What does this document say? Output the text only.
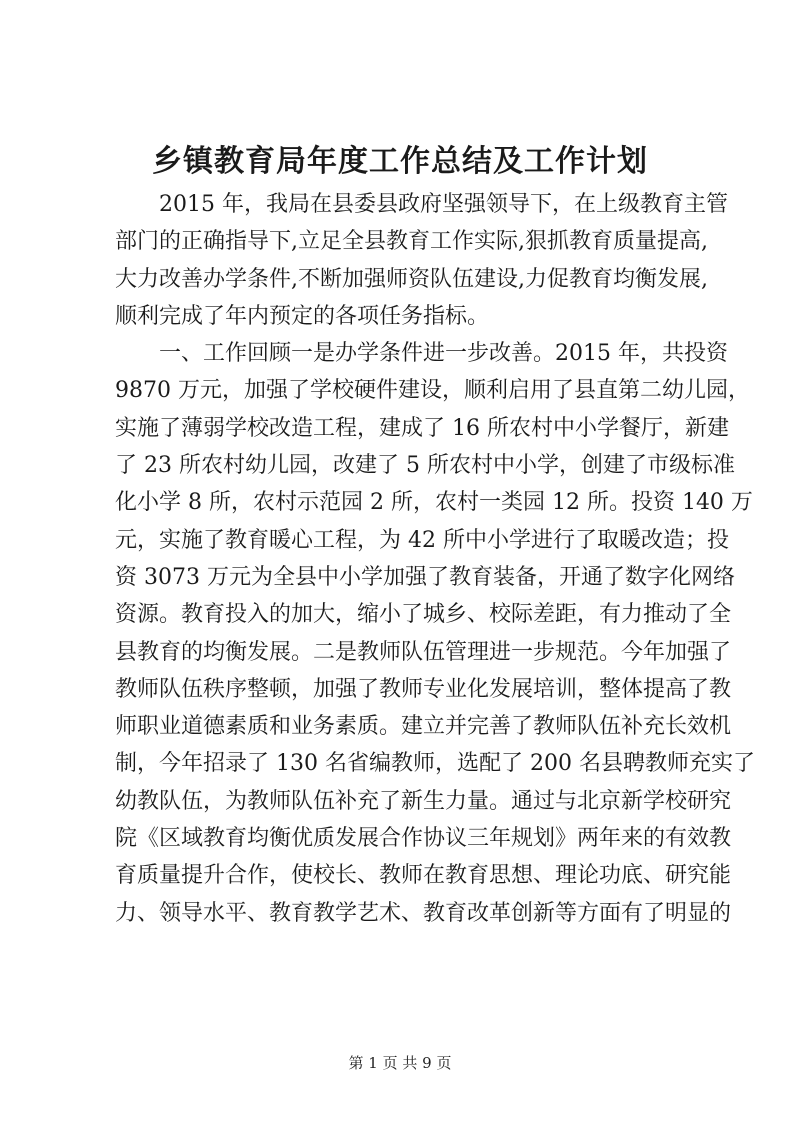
乡镇教育局年度工作总结及工作计划
　　2015 年，我局在县委县政府坚强领导下，在上级教育主管
部门的正确指导下,立足全县教育工作实际,狠抓教育质量提高,
大力改善办学条件,不断加强师资队伍建设,力促教育均衡发展,
顺利完成了年内预定的各项任务指标。
　　一、工作回顾一是办学条件进一步改善。2015 年，共投资
9870 万元，加强了学校硬件建设，顺利启用了县直第二幼儿园，
实施了薄弱学校改造工程，建成了 16 所农村中小学餐厅，新建
了 23 所农村幼儿园，改建了 5 所农村中小学，创建了市级标准
化小学 8 所，农村示范园 2 所，农村一类园 12 所。投资 140 万
元，实施了教育暖心工程，为 42 所中小学进行了取暖改造；投
资 3073 万元为全县中小学加强了教育装备，开通了数字化网络
资源。教育投入的加大，缩小了城乡、校际差距，有力推动了全
县教育的均衡发展。二是教师队伍管理进一步规范。今年加强了
教师队伍秩序整顿，加强了教师专业化发展培训，整体提高了教
师职业道德素质和业务素质。建立并完善了教师队伍补充长效机
制，今年招录了 130 名省编教师，选配了 200 名县聘教师充实了
幼教队伍，为教师队伍补充了新生力量。通过与北京新学校研究
院《区域教育均衡优质发展合作协议三年规划》两年来的有效教
育质量提升合作，使校长、教师在教育思想、理论功底、研究能
力、领导水平、教育教学艺术、教育改革创新等方面有了明显的
第 1 页 共 9 页
